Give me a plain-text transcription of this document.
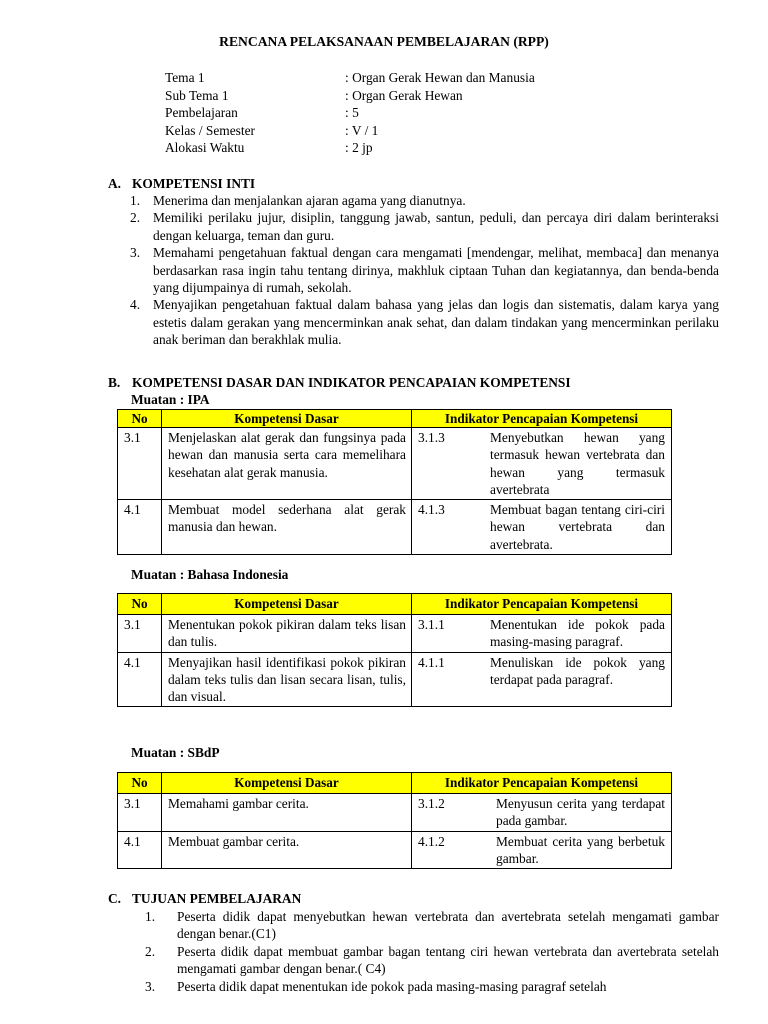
RENCANA PELAKSANAAN PEMBELAJARAN (RPP)
Tema 1	: Organ Gerak Hewan dan Manusia
Sub Tema 1	: Organ Gerak Hewan
Pembelajaran	: 5
Kelas / Semester	: V / 1
Alokasi Waktu	: 2 jp
A. KOMPETENSI INTI
1. Menerima dan menjalankan ajaran agama yang dianutnya.
2. Memiliki perilaku jujur, disiplin, tanggung jawab, santun, peduli, dan percaya diri dalam berinteraksi dengan keluarga, teman dan guru.
3. Memahami pengetahuan faktual dengan cara mengamati [mendengar, melihat, membaca] dan menanya berdasarkan rasa ingin tahu tentang dirinya, makhluk ciptaan Tuhan dan kegiatannya, dan benda-benda yang dijumpainya di rumah, sekolah.
4. Menyajikan pengetahuan faktual dalam bahasa yang jelas dan logis dan sistematis, dalam karya yang estetis dalam gerakan yang mencerminkan anak sehat, dan dalam tindakan yang mencerminkan perilaku anak beriman dan berakhlak mulia.
B. KOMPETENSI DASAR DAN INDIKATOR PENCAPAIAN KOMPETENSI
Muatan : IPA
No	Kompetensi Dasar	Indikator Pencapaian Kompetensi
3.1	Menjelaskan alat gerak dan fungsinya pada hewan dan manusia serta cara memelihara kesehatan alat gerak manusia.	3.1.3 Menyebutkan hewan yang termasuk hewan vertebrata dan hewan yang termasuk avertebrata

4.1	Membuat model sederhana alat gerak manusia dan hewan.	4.1.3 Membuat bagan tentang ciri-ciri hewan vertebrata dan avertebrata.
Muatan : Bahasa Indonesia
No	Kompetensi Dasar	Indikator Pencapaian Kompetensi
3.1	Menentukan pokok pikiran dalam teks lisan dan tulis.	3.1.1 Menentukan ide pokok pada masing-masing paragraf.

4.1	Menyajikan hasil identifikasi pokok pikiran dalam teks tulis dan lisan secara lisan, tulis, dan visual.	4.1.1 Menuliskan ide pokok yang terdapat pada paragraf.
Muatan : SBdP
No	Kompetensi Dasar	Indikator Pencapaian Kompetensi
3.1	Memahami gambar cerita.	3.1.2 Menyusun cerita yang terdapat pada gambar.

4.1	Membuat gambar cerita.	4.1.2 Membuat cerita yang berbetuk gambar.
C. TUJUAN PEMBELAJARAN
1. Peserta didik dapat menyebutkan hewan vertebrata dan avertebrata setelah mengamati gambar dengan benar.(C1)
2. Peserta didik dapat membuat gambar bagan tentang ciri hewan vertebrata dan avertebrata setelah mengamati gambar dengan benar.( C4)
3. Peserta didik dapat menentukan ide pokok pada masing-masing paragraf setelah
